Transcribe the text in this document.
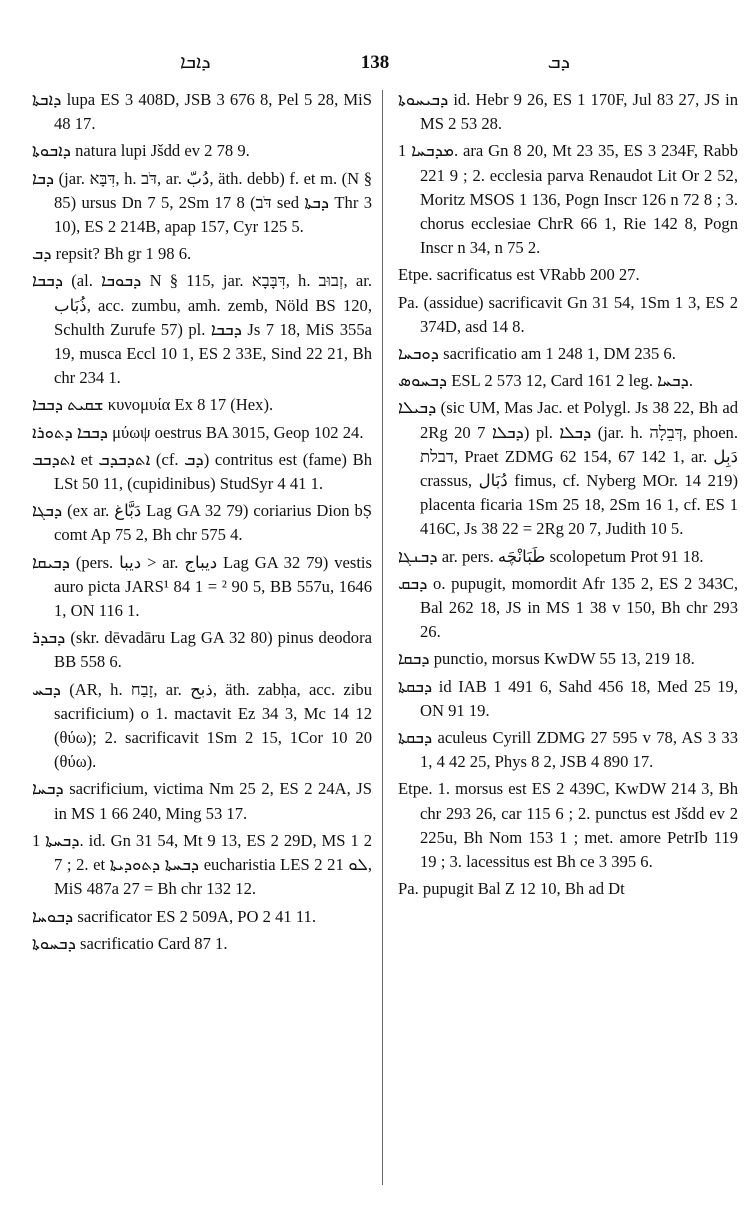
ܕܐܒܐ	138	ܕܒ
ܕܐܒܬܐ lupa ES 3 408D, JSB 3 676 8, Pel 5 28, MiS 48 17.
ܕܐܒܘܬܐ natura lupi Jšdd ev 2 78 9.
ܕܒܐ (jar. דִּבָּא, h. דֹּב, ar. دُبّ, äth. debb) f. et m. (N § 85) ursus Dn 7 5, 2Sm 17 8 (דֹּב sed ܕܒܬܐ Thr 3 10), ES 2 214B, apap 157, Cyr 125 5.
ܕܒ repsit? Bh gr 1 98 6.
ܕܒܒܐ (al. ܕܒܘܒܐ N § 115, jar. דִּבָּבָא, h. זְבוּב, ar. ذُبَاب, acc. zumbu, amh. zemb, Nöld BS 120, Schulth Zurufe 57) pl. ܕܒܒܐ Js 7 18, MiS 355a 19, musca Eccl 10 1, ES 2 33E, Sind 22 21, Bh chr 234 1.
ܫܩܝܬ ܕܒܒܐ κυνομυία Ex 8 17 (Hex).
ܕܒܒܐ ܕܬܘܪܐ μύωψ oestrus BA 3015, Geop 102 24.
ܐܬܕܒܒ et ܐܬܕܒܕܒ (cf. ܕܒ) contritus est (fame) Bh LSt 50 11, (cupidinibus) StudSyr 4 41 1.
ܕܒܓܐ (ex ar. دَبَّاغ Lag GA 32 79) coriarius Dion bṢ comt Ap 75 2, Bh chr 575 4.
ܕܒܝܩܐ (pers. ديبا > ar. ديباج Lag GA 32 79) vestis auro picta JARS¹ 84 1 = ² 90 5, BB 557u, 1646 1, ON 116 1.
ܕܒܕܪ (skr. dēvadāru Lag GA 32 80) pinus deodora BB 558 6.
ܕܒܚ (AR, h. זָבַח, ar. ذبح, äth. zabḥa, acc. zibu sacrificium) o 1. mactavit Ez 34 3, Mc 14 12 (θύω); 2. sacrificavit 1Sm 2 15, 1Cor 10 20 (θύω).
ܕܒܚܐ sacrificium, victima Nm 25 2, ES 2 24A, JS in MS 1 66 240, Ming 53 17.
ܕܒܚܬܐ 1. id. Gn 31 54, Mt 9 13, ES 2 29D, MS 1 2 7 ; 2. et ܕܒܚܬܐ ܕܬܘܕܝܬܐ eucharistia LES 2 ܠܘ 21, MiS 487a 27 = Bh chr 132 12.
ܕܒܘܚܐ sacrificator ES 2 509A, PO 2 41 11.
ܕܒܚܘܬܐ sacrificatio Card 87 1.
ܕܒܝܚܘܬܐ id. Hebr 9 26, ES 1 170F, Jul 83 27, JS in MS 2 53 28.
ܡܕܒܚܐ 1. ara Gn 8 20, Mt 23 35, ES 3 234F, Rabb 221 9 ; 2. ecclesia parva Renaudot Lit Or 2 52, Moritz MSOS 1 136, Pogn Inscr 126 n 72 8 ; 3. chorus ecclesiae ChrR 66 1, Rie 142 8, Pogn Inscr n 34, n 75 2.
Etpe. sacrificatus est VRabb 200 27.
Pa. (assidue) sacrificavit Gn 31 54, 1Sm 1 3, ES 2 374D, asd 14 8.
ܕܘܒܚܐ sacrificatio am 1 248 1, DM 235 6.
ܕܒܚܘܣ ESL 2 573 12, Card 161 2 leg. ܕܒܚܐ.
ܕܒܝܠܐ (sic UM, Mas Jac. et Polygl. Js 38 22, Bh ad 2Rg 20 7 ܕܒܠܐ) pl. ܕܒܠܐ (jar. h. דְּבֵלָה, phoen. דבלת, Praet ZDMG 62 154, 67 142 1, ar. دَبِل crassus, دُبَال fimus, cf. Nyberg MOr. 14 219) placenta ficaria 1Sm 25 18, 2Sm 16 1, cf. ES 1 416C, Js 38 22 = 2Rg 20 7, Judith 10 5.
ܕܒܢܓܐ ar. pers. طَبَانْچَه scolopetum Prot 91 18.
ܕܒܩ o. pupugit, momordit Afr 135 2, ES 2 343C, Bal 262 18, JS in MS 1 38 v 150, Bh chr 293 26.
ܕܒܩܐ punctio, morsus KwDW 55 13, 219 18.
ܕܒܩܬܐ id IAB 1 491 6, Sahd 456 18, Med 25 19, ON 91 19.
ܕܒܩܬܐ aculeus Cyrill ZDMG 27 595 v 78, AS 3 33 1, 4 42 25, Phys 8 2, JSB 4 890 17.
Etpe. 1. morsus est ES 2 439C, KwDW 214 3, Bh chr 293 26, car 115 6 ; 2. punctus est Jšdd ev 2 225u, Bh Nom 153 1 ; met. amore PetrIb 119 19 ; 3. lacessitus est Bh ce 3 395 6.
Pa. pupugit Bal Z 12 10, Bh ad Dt
